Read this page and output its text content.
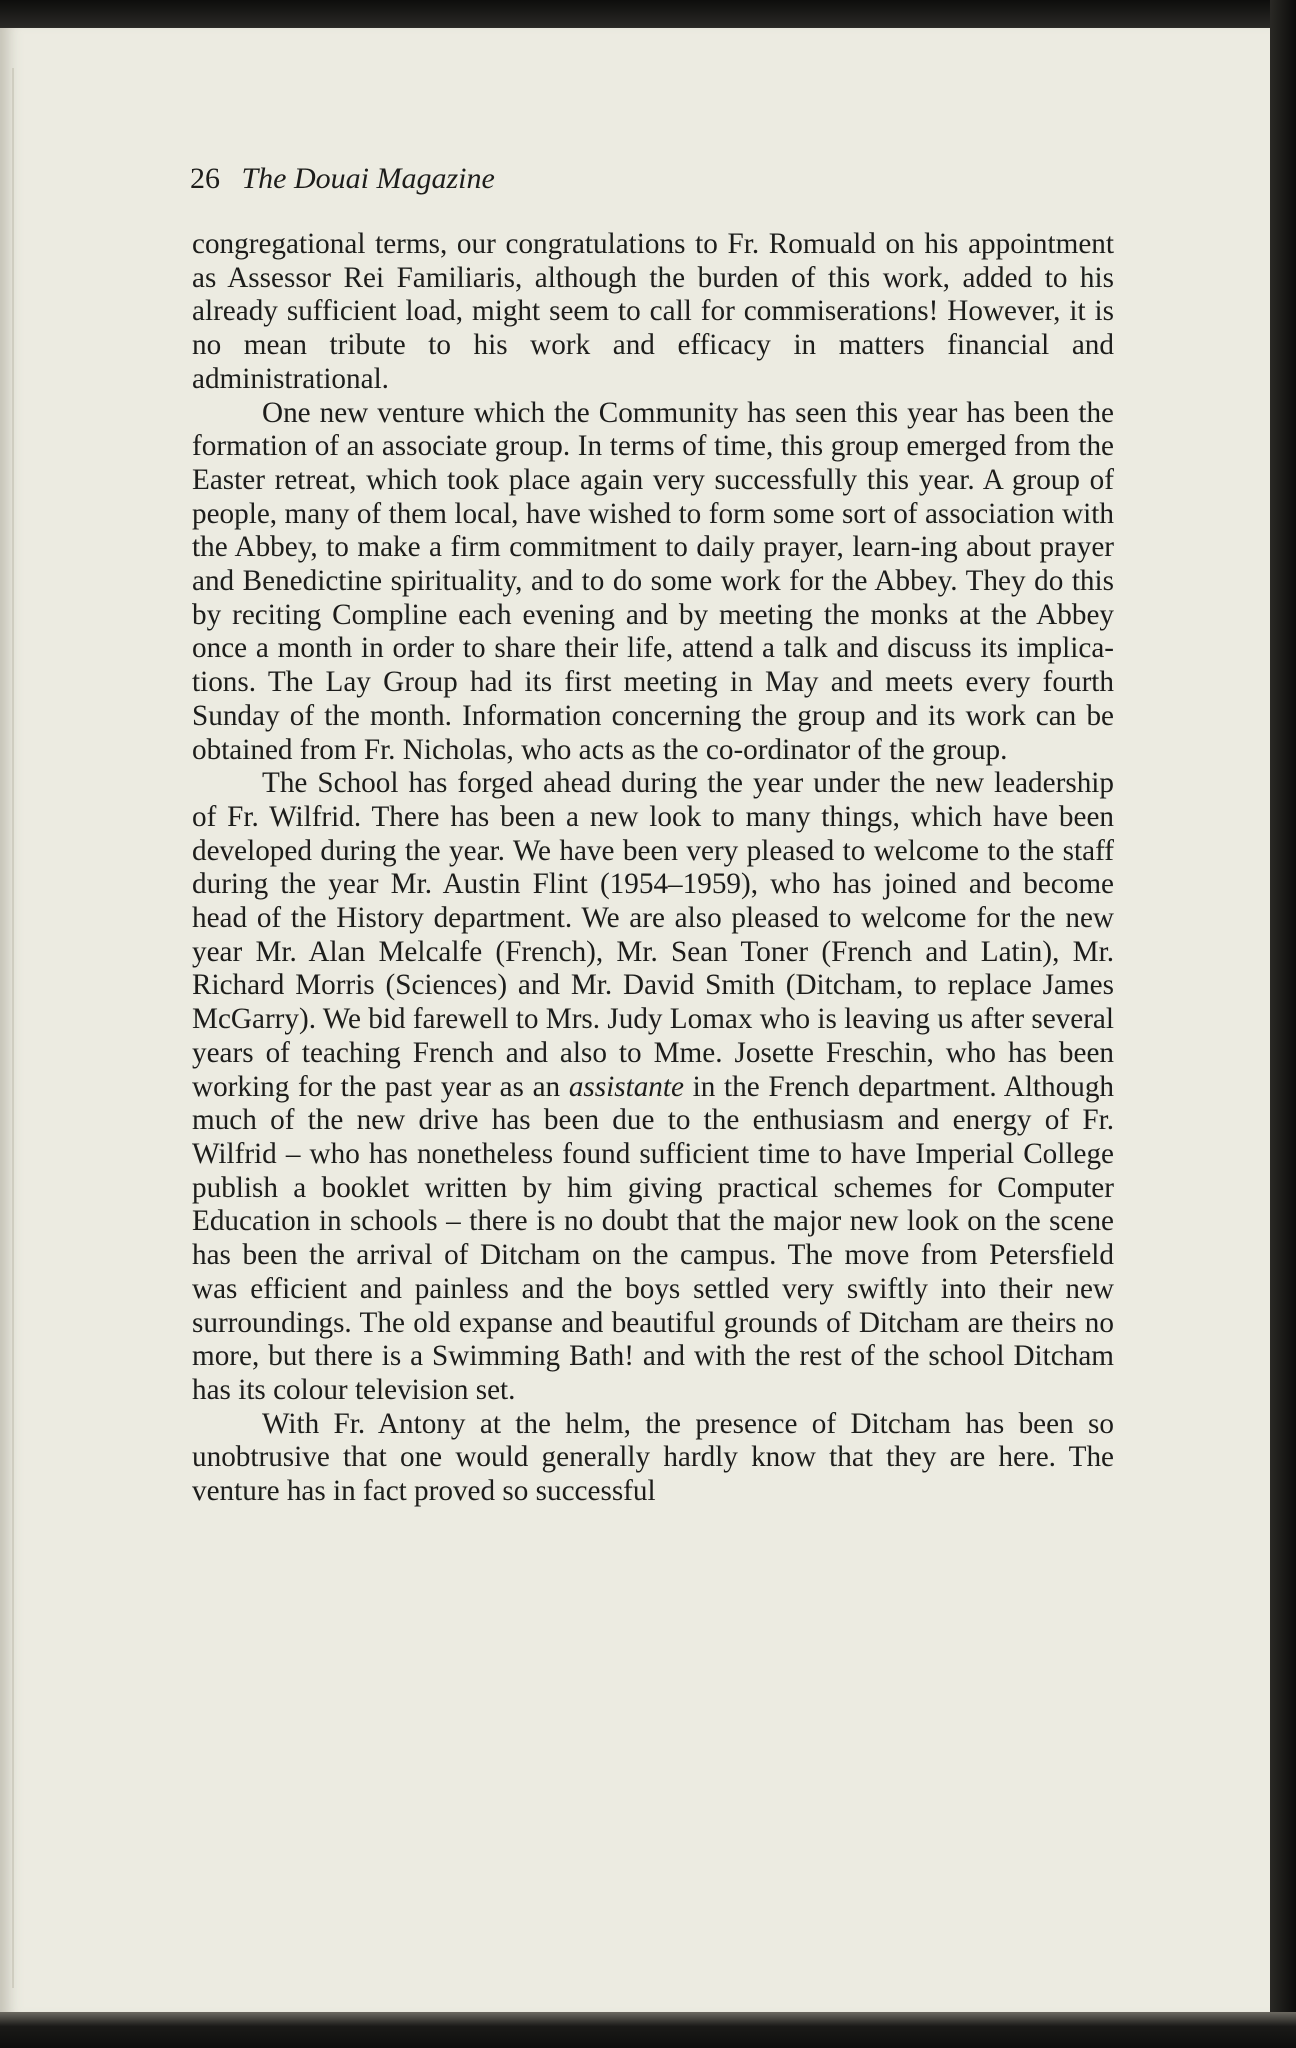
26 The Douai Magazine

congregational terms, our congratulations to Fr. Romuald on his appointment as Assessor Rei Familiaris, although the burden of this work, added to his already sufficient load, might seem to call for commiserations! However, it is no mean tribute to his work and efficacy in matters financial and administrational.

One new venture which the Community has seen this year has been the formation of an associate group. In terms of time, this group emerged from the Easter retreat, which took place again very successfully this year. A group of people, many of them local, have wished to form some sort of association with the Abbey, to make a firm commitment to daily prayer, learn-ing about prayer and Benedictine spirituality, and to do some work for the Abbey. They do this by reciting Compline each evening and by meeting the monks at the Abbey once a month in order to share their life, attend a talk and discuss its implica-tions. The Lay Group had its first meeting in May and meets every fourth Sunday of the month. Information concerning the group and its work can be obtained from Fr. Nicholas, who acts as the co-ordinator of the group.

The School has forged ahead during the year under the new leadership of Fr. Wilfrid. There has been a new look to many things, which have been developed during the year. We have been very pleased to welcome to the staff during the year Mr. Austin Flint (1954–1959), who has joined and become head of the History department. We are also pleased to welcome for the new year Mr. Alan Melcalfe (French), Mr. Sean Toner (French and Latin), Mr. Richard Morris (Sciences) and Mr. David Smith (Ditcham, to replace James McGarry). We bid farewell to Mrs. Judy Lomax who is leaving us after several years of teaching French and also to Mme. Josette Freschin, who has been working for the past year as an assistante in the French department. Although much of the new drive has been due to the enthusiasm and energy of Fr. Wilfrid – who has nonetheless found sufficient time to have Imperial College publish a booklet written by him giving practical schemes for Computer Education in schools – there is no doubt that the major new look on the scene has been the arrival of Ditcham on the campus. The move from Petersfield was efficient and painless and the boys settled very swiftly into their new surroundings. The old expanse and beautiful grounds of Ditcham are theirs no more, but there is a Swimming Bath! and with the rest of the school Ditcham has its colour television set.

With Fr. Antony at the helm, the presence of Ditcham has been so unobtrusive that one would generally hardly know that they are here. The venture has in fact proved so successful
